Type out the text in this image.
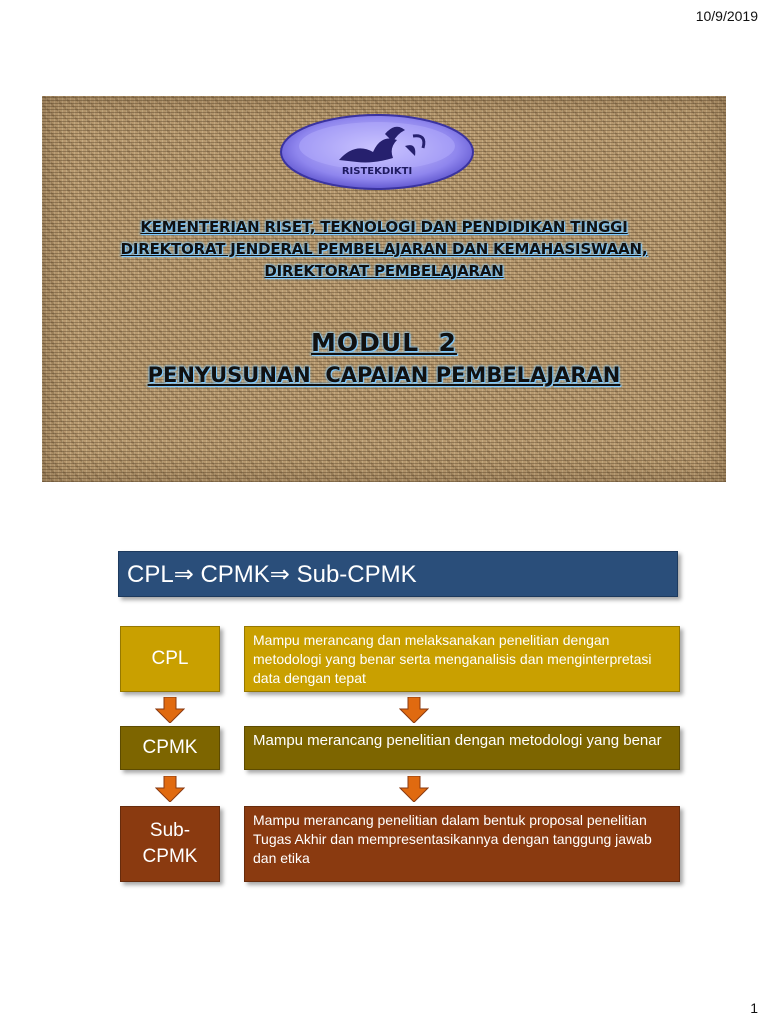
10/9/2019
RISTEKDIKTI
KEMENTERIAN RISET, TEKNOLOGI DAN PENDIDIKAN TINGGI
DIREKTORAT JENDERAL PEMBELAJARAN DAN KEMAHASISWAAN,
DIREKTORAT PEMBELAJARAN
MODUL  2
PENYUSUNAN  CAPAIAN PEMBELAJARAN
CPL⇒ CPMK⇒ Sub-CPMK
CPL
Mampu merancang dan melaksanakan penelitian dengan metodologi yang benar serta menganalisis dan menginterpretasi data dengan tepat
CPMK	Mampu merancang penelitian dengan metodologi yang benar
Sub-
CPMK
Mampu merancang penelitian dalam bentuk proposal penelitian Tugas Akhir dan mempresentasikannya dengan tanggung jawab dan etika
1
